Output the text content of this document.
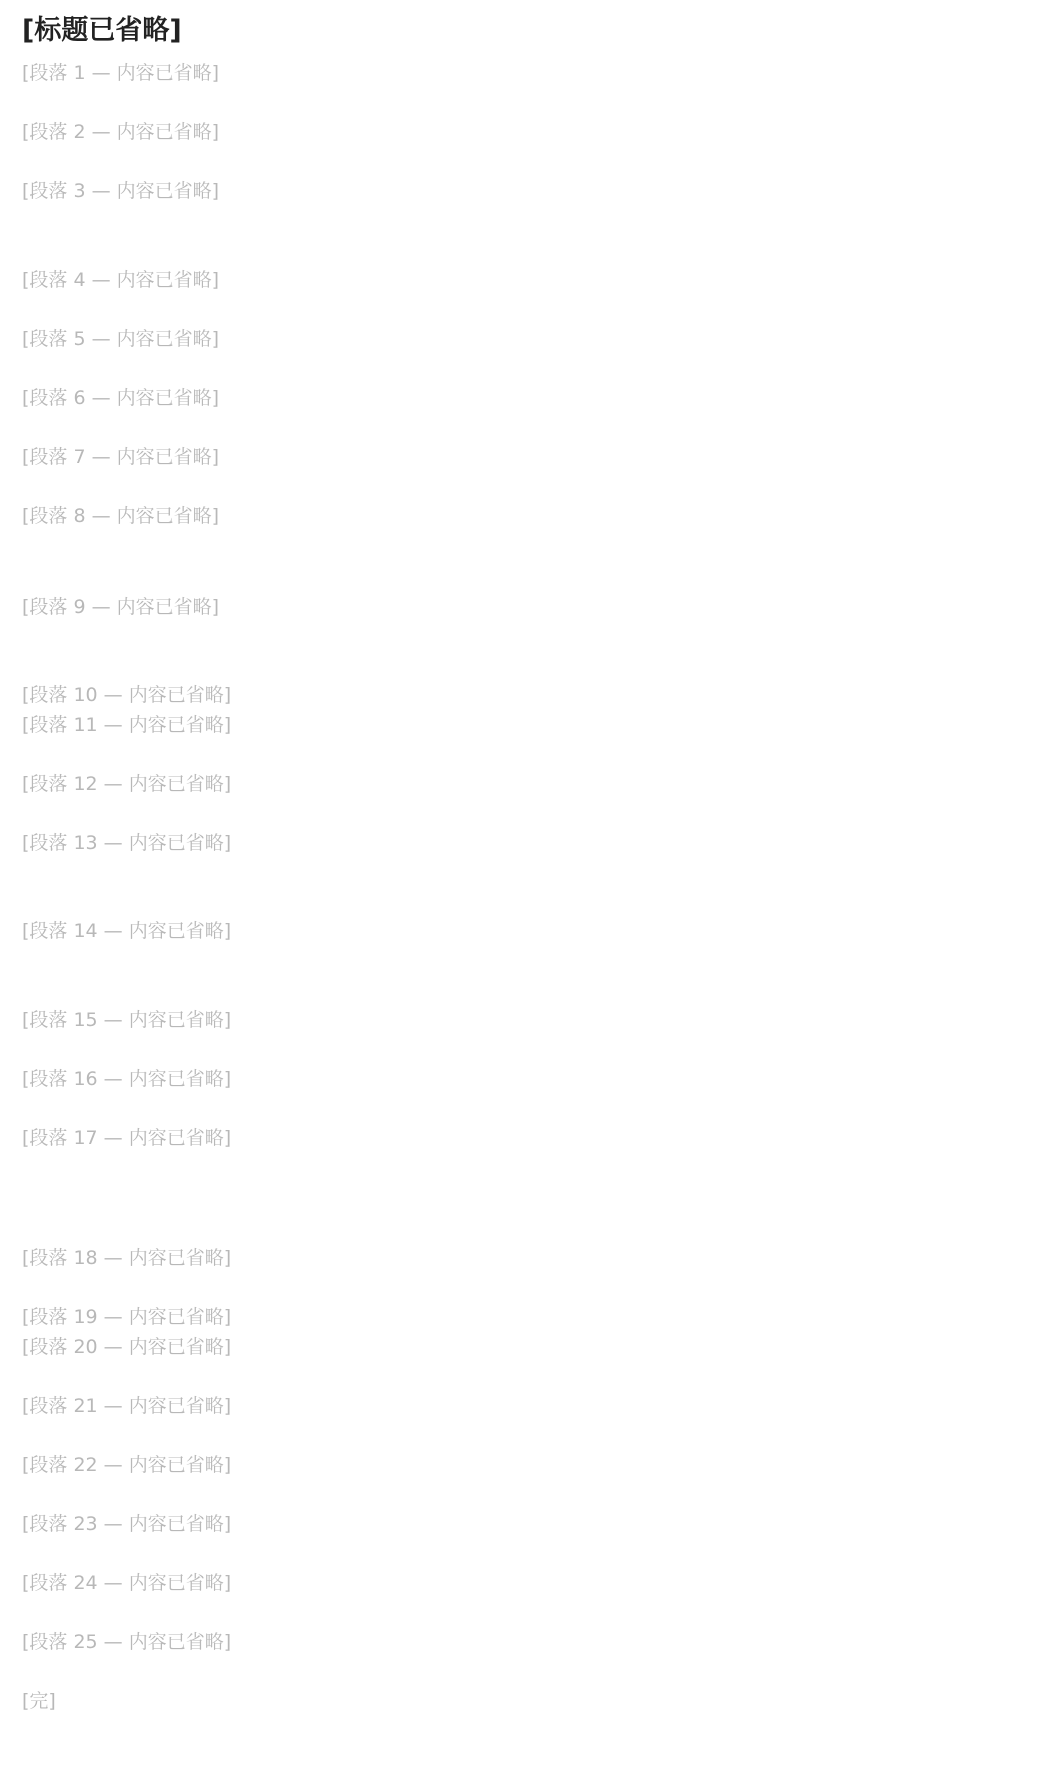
[标题已省略]

[段落 1 — 内容已省略]

[段落 2 — 内容已省略]

[段落 3 — 内容已省略]

[段落 4 — 内容已省略]

[段落 5 — 内容已省略]

[段落 6 — 内容已省略]

[段落 7 — 内容已省略]

[段落 8 — 内容已省略]

[段落 9 — 内容已省略]

[段落 10 — 内容已省略]

[段落 11 — 内容已省略]

[段落 12 — 内容已省略]

[段落 13 — 内容已省略]

[段落 14 — 内容已省略]

[段落 15 — 内容已省略]

[段落 16 — 内容已省略]

[段落 17 — 内容已省略]

[段落 18 — 内容已省略]

[段落 19 — 内容已省略]

[段落 20 — 内容已省略]

[段落 21 — 内容已省略]

[段落 22 — 内容已省略]

[段落 23 — 内容已省略]

[段落 24 — 内容已省略]

[段落 25 — 内容已省略]

[完]
